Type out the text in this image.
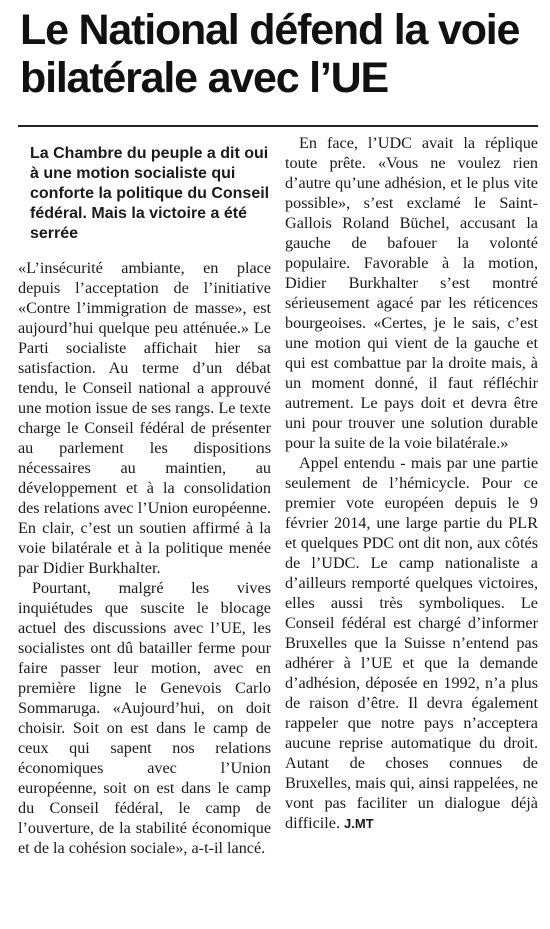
Le National défend la voie bilatérale avec l’UE
La Chambre du peuple a dit oui à une motion socialiste qui conforte la politique du Conseil fédéral. Mais la victoire a été serrée

«L’insécurité ambiante, en place depuis l’acceptation de l’initiative «Contre l’immigration de masse», est aujourd’hui quelque peu atténuée.» Le Parti socialiste affichait hier sa satisfaction. Au terme d’un débat tendu, le Conseil national a approuvé une motion issue de ses rangs. Le texte charge le Conseil fédéral de présenter au parlement les dispositions nécessaires au maintien, au développement et à la consolidation des relations avec l’Union européenne. En clair, c’est un soutien affirmé à la voie bilatérale et à la politique menée par Didier Burkhalter.

Pourtant, malgré les vives inquiétudes que suscite le blocage actuel des discussions avec l’UE, les socialistes ont dû batailler ferme pour faire passer leur motion, avec en première ligne le Genevois Carlo Sommaruga. «Aujourd’hui, on doit choisir. Soit on est dans le camp de ceux qui sapent nos relations économiques avec l’Union européenne, soit on est dans le camp du Conseil fédéral, le camp de l’ouverture, de la stabilité économique et de la cohésion sociale», a-t-il lancé.

En face, l’UDC avait la réplique toute prête. «Vous ne voulez rien d’autre qu’une adhésion, et le plus vite possible», s’est exclamé le Saint-Gallois Roland Büchel, accusant la gauche de bafouer la volonté populaire. Favorable à la motion, Didier Burkhalter s’est montré sérieusement agacé par les réticences bourgeoises. «Certes, je le sais, c’est une motion qui vient de la gauche et qui est combattue par la droite mais, à un moment donné, il faut réfléchir autrement. Le pays doit et devra être uni pour trouver une solution durable pour la suite de la voie bilatérale.»

Appel entendu - mais par une partie seulement de l’hémicycle. Pour ce premier vote européen depuis le 9 février 2014, une large partie du PLR et quelques PDC ont dit non, aux côtés de l’UDC. Le camp nationaliste a d’ailleurs remporté quelques victoires, elles aussi très symboliques. Le Conseil fédéral est chargé d’informer Bruxelles que la Suisse n’entend pas adhérer à l’UE et que la demande d’adhésion, déposée en 1992, n’a plus de raison d’être. Il devra également rappeler que notre pays n’acceptera aucune reprise automatique du droit. Autant de choses connues de Bruxelles, mais qui, ainsi rappelées, ne vont pas faciliter un dialogue déjà difficile. J.MT
